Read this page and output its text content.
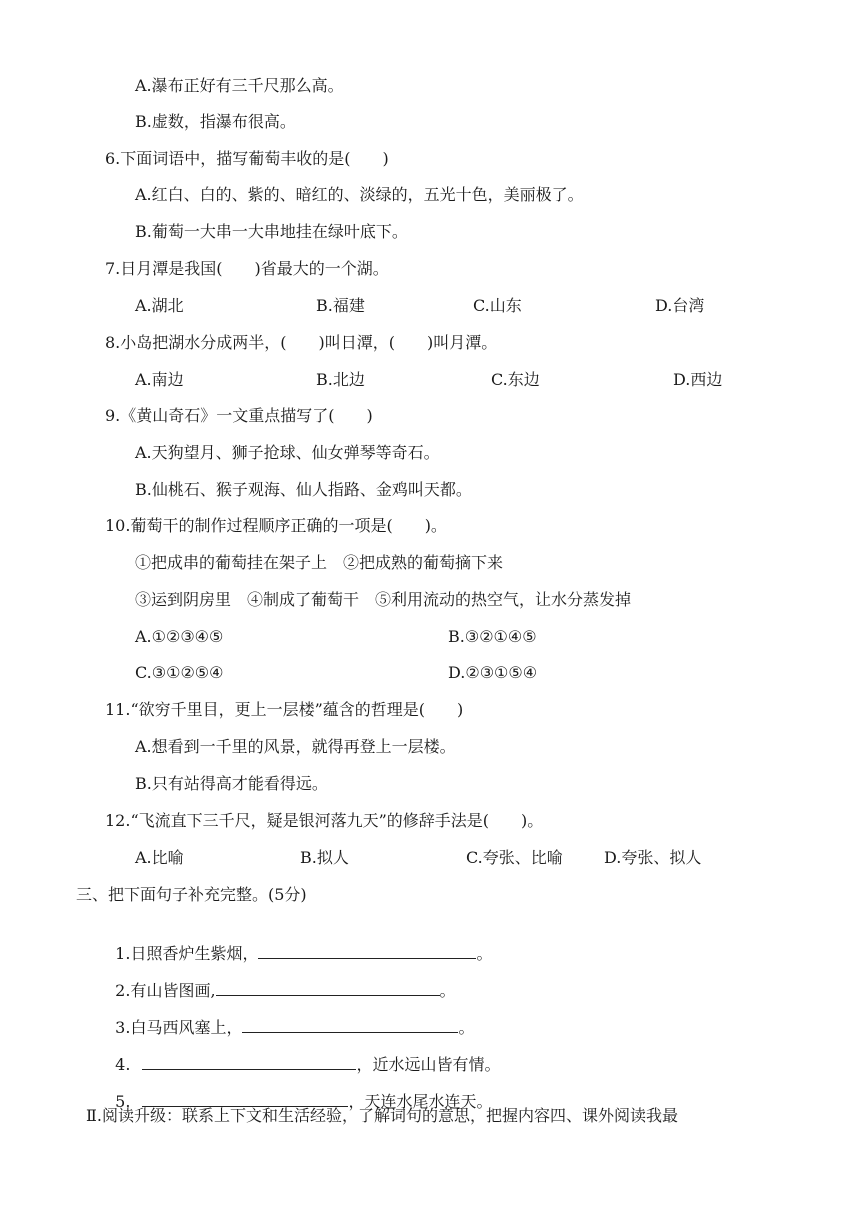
A.瀑布正好有三千尺那么高。
B.虚数，指瀑布很高。
6.下面词语中，描写葡萄丰收的是(　　)
A.红白、白的、紫的、暗红的、淡绿的，五光十色，美丽极了。
B.葡萄一大串一大串地挂在绿叶底下。
7.日月潭是我国(　　)省最大的一个湖。
A.湖北	B.福建	C.山东	D.台湾
8.小岛把湖水分成两半，(　　)叫日潭，(　　)叫月潭。
A.南边	B.北边	C.东边	D.西边
9.《黄山奇石》一文重点描写了(　　)
A.天狗望月、狮子抢球、仙女弹琴等奇石。
B.仙桃石、猴子观海、仙人指路、金鸡叫天都。
10.葡萄干的制作过程顺序正确的一项是(　　)。
①把成串的葡萄挂在架子上　②把成熟的葡萄摘下来
③运到阴房里　④制成了葡萄干　⑤利用流动的热空气，让水分蒸发掉
A.①②③④⑤	B.③②①④⑤
C.③①②⑤④	D.②③①⑤④
11.“欲穷千里目，更上一层楼”蕴含的哲理是(　　)
A.想看到一千里的风景，就得再登上一层楼。
B.只有站得高才能看得远。
12.“飞流直下三千尺，疑是银河落九天”的修辞手法是(　　)。
A.比喻	B.拟人	C.夸张、比喻	D.夸张、拟人
三、把下面句子补充完整。(5分)

1.日照香炉生紫烟，	。

2.有山皆图画,	。

3.白马西风塞上，	。

4.	，近水远山皆有情。

5.	，天连水尾水连天。

Ⅱ.阅读升级：联系上下文和生活经验，了解词句的意思，把握内容四、课外阅读我最
